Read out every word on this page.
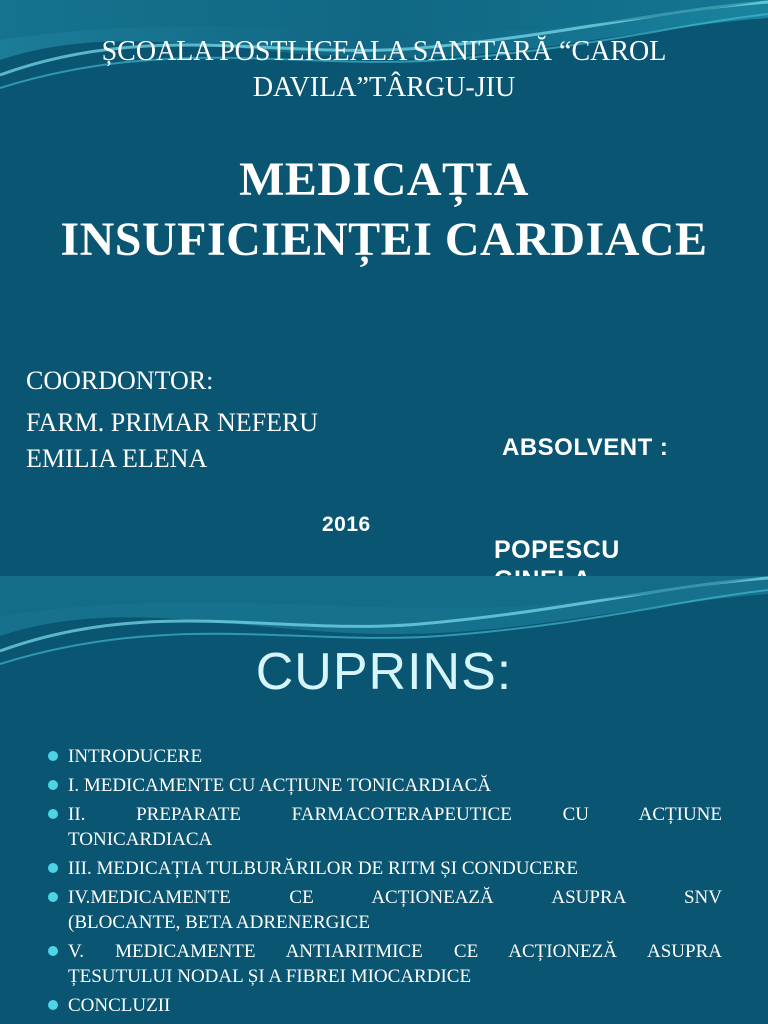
ȘCOALA POSTLICEALA SANITARĂ “CAROL
DAVILA”TÂRGU-JIU
MEDICAȚIA
INSUFICIENȚEI CARDIACE
COORDONTOR:
FARM. PRIMAR NEFERU
EMILIA ELENA	ABSOLVENT :
2016
POPESCU
CUPRINS:
INTRODUCERE
I. MEDICAMENTE CU ACȚIUNE TONICARDIACĂ
II. PREPARATE FARMACOTERAPEUTICE CU ACȚIUNE
TONICARDIACA
III. MEDICAȚIA TULBURĂRILOR DE RITM ȘI CONDUCERE
IV.MEDICAMENTE CE ACȚIONEAZĂ ASUPRA SNV
(BLOCANTE, BETA ADRENERGICE
V. MEDICAMENTE ANTIARITMICE CE ACȚIONEZĂ ASUPRA
ȚESUTULUI NODAL ȘI A FIBREI MIOCARDICE
CONCLUZII
